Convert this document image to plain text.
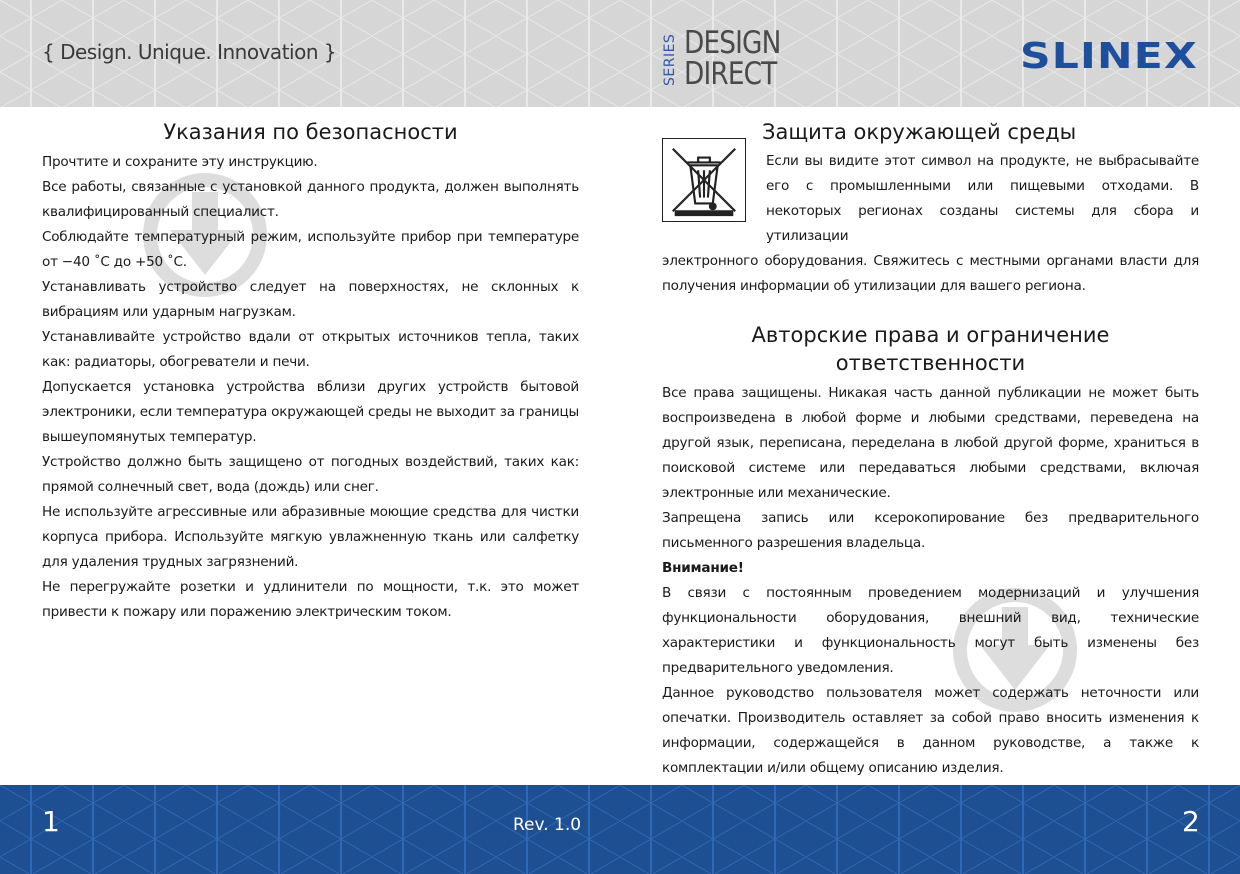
{ Design. Unique. Innovation }	SERIES DESIGN
DIRECT	SLINEX
Указания по безопасности

Прочтите и сохраните эту инструкцию.

Все работы, связанные с установкой данного продукта, должен выполнять квалифицированный специалист.

Соблюдайте температурный режим, используйте прибор при температуре от −40 ˚C до +50 ˚C.

Устанавливать устройство следует на поверхностях, не склонных к вибрациям или ударным нагрузкам.

Устанавливайте устройство вдали от открытых источников тепла, таких как: радиаторы, обогреватели и печи.

Допускается установка устройства вблизи других устройств бытовой электроники, если температура окружающей среды не выходит за границы вышеупомянутых температур.

Устройство должно быть защищено от погодных воздействий, таких как: прямой солнечный свет, вода (дождь) или снег.

Не используйте агрессивные или абразивные моющие средства для чистки корпуса прибора. Используйте мягкую увлажненную ткань или салфетку для удаления трудных загрязнений.

Не перегружайте розетки и удлинители по мощности, т.к. это может привести к пожару или поражению электрическим током.

Защита окружающей среды

Если вы видите этот символ на продукте, не выбрасывайте его с промышленными или пищевыми отходами. В некоторых регионах созданы системы для сбора и утилизации

электронного оборудования. Свяжитесь с местными органами власти для получения информации об утилизации для вашего региона.

Авторские права и ограничение ответственности

Все права защищены. Никакая часть данной публикации не может быть воспроизведена в любой форме и любыми средствами, переведена на другой язык, переписана, переделана в любой другой форме, храниться в поисковой системе или передаваться любыми средствами, включая электронные или механические.

Запрещена запись или ксерокопирование без предварительного письменного разрешения владельца.

Внимание!

В связи с постоянным проведением модернизаций и улучшения функциональности оборудования, внешний вид, технические характеристики и функциональность могут быть изменены без предварительного уведомления.

Данное руководство пользователя может содержать неточности или опечатки. Производитель оставляет за собой право вносить изменения к информации, содержащейся в данном руководстве, а также к комплектации и/или общему описанию изделия.

1	Rev. 1.0	2
